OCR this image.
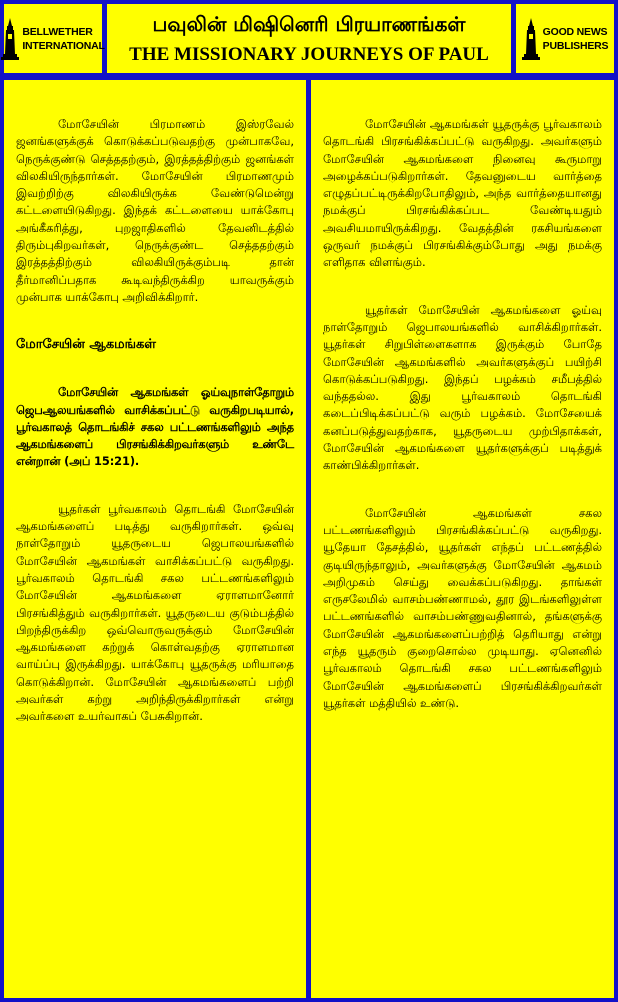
BELLWETHER
INTERNATIONAL
பவுலின் மிஷினெரி பிரயாணங்கள்
THE MISSIONARY JOURNEYS OF PAUL
GOOD NEWS
PUBLISHERS

மோசேயின் பிரமாணம் இஸ்ரவேல் ஜனங்களுக்குக் கொடுக்கப்படுவதற்கு முன்பாகவே, நெருக்குண்டு செத்ததற்கும், இரத்தத்திற்கும் ஜனங்கள் விலகியிருந்தார்கள். மோசேயின் பிரமாணமும் இவற்றிற்கு விலகியிருக்க வேண்டுமென்று கட்டளையிடுகிறது. இந்தக் கட்டளையை யாக்கோபு அங்கீகரித்து, புறஜாதிகளில் தேவனிடத்தில் திரும்புகிறவர்கள், நெருக்குண்ட செத்ததற்கும் இரத்தத்திற்கும் விலகியிருக்கும்படி தான் தீர்மானிப்பதாக கூடிவந்திருக்கிற யாவருக்கும் முன்பாக யாக்கோபு அறிவிக்கிறார்.

மோசேயின் ஆகமங்கள்

மோசேயின் ஆகமங்கள் ஓய்வுநாள்தோறும் ஜெபஆலயங்களில் வாசிக்கப்பட்டு வருகிறபடியால், பூர்வகாலத் தொடங்கிச் சகல பட்டணங்களிலும் அந்த ஆகமங்களைப் பிரசங்கிக்கிறவர்களும் உண்டே என்றான் (அப் 15:21).

யூதர்கள் பூர்வகாலம் தொடங்கி மோசேயின் ஆகமங்களைப் படித்து வருகிறார்கள். ஒவ்வு நாள்தோறும் யூதருடைய ஜெபாலயங்களில் மோசேயின் ஆகமங்கள் வாசிக்கப்பட்டு வருகிறது. பூர்வகாலம் தொடங்கி சகல பட்டணங்களிலும் மோசேயின் ஆகமங்களை ஏராளமானோர் பிரசங்கித்தும் வருகிறார்கள். யூதருடைய குடும்பத்தில் பிறந்திருக்கிற ஒவ்வொருவருக்கும் மோசேயின் ஆகமங்களை கற்றுக் கொள்வதற்கு ஏராளமான வாய்ப்பு இருக்கிறது. யாக்கோபு யூதருக்கு மரியாதை கொடுக்கிறான். மோசேயின் ஆகமங்களைப் பற்றி அவர்கள் கற்று அறிந்திருக்கிறார்கள் என்று அவர்களை உயர்வாகப் பேசுகிறான்.

மோசேயின் ஆகமங்கள் யூதருக்கு பூர்வகாலம் தொடங்கி பிரசங்கிக்கப்பட்டு வருகிறது. அவர்களும் மோசேயின் ஆகமங்களை நினைவு கூருமாறு அழைக்கப்படுகிறார்கள். தேவனுடைய வார்த்தை எழுதப்பட்டிருக்கிறபோதிலும், அந்த வார்த்தையானது நமக்குப் பிரசங்கிக்கப்பட வேண்டியதும் அவசியமாயிருக்கிறது. வேதத்தின் ரகசியங்களை ஒருவர் நமக்குப் பிரசங்கிக்கும்போது அது நமக்கு எளிதாக விளங்கும்.

யூதர்கள் மோசேயின் ஆகமங்களை ஓய்வு நாள்தோறும் ஜெபாலயங்களில் வாசிக்கிறார்கள். யூதர்கள் சிறுபிள்ளைகளாக இருக்கும் போதே மோசேயின் ஆகமங்களில் அவர்களுக்குப் பயிற்சி கொடுக்கப்படுகிறது. இந்தப் பழக்கம் சமீபத்தில் வந்ததல்ல. இது பூர்வகாலம் தொடங்கி கடைப்பிடிக்கப்பட்டு வரும் பழக்கம். மோசேயைக் கனப்படுத்துவதற்காக, யூதருடைய முற்பிதாக்கள், மோசேயின் ஆகமங்களை யூதர்களுக்குப் படித்துக் காண்பிக்கிறார்கள்.

மோசேயின் ஆகமங்கள் சகல பட்டணங்களிலும் பிரசங்கிக்கப்பட்டு வருகிறது. யூதேயா தேசத்தில், யூதர்கள் எந்தப் பட்டணத்தில் குடியிருந்தாலும், அவர்களுக்கு மோசேயின் ஆகமம் அறிமுகம் செய்து வைக்கப்படுகிறது. தாங்கள் எருசலேமில் வாசம்பண்ணாமல், தூர இடங்களிலுள்ள பட்டணங்களில் வாசம்பண்ணுவதினால், தங்களுக்கு மோசேயின் ஆகமங்களைப்பற்றித் தெரியாது என்று எந்த யூதரும் குறைசொல்ல முடியாது. ஏனெனில் பூர்வகாலம் தொடங்கி சகல பட்டணங்களிலும் மோசேயின் ஆகமங்களைப் பிரசங்கிக்கிறவர்கள் யூதர்கள் மத்தியில் உண்டு.
